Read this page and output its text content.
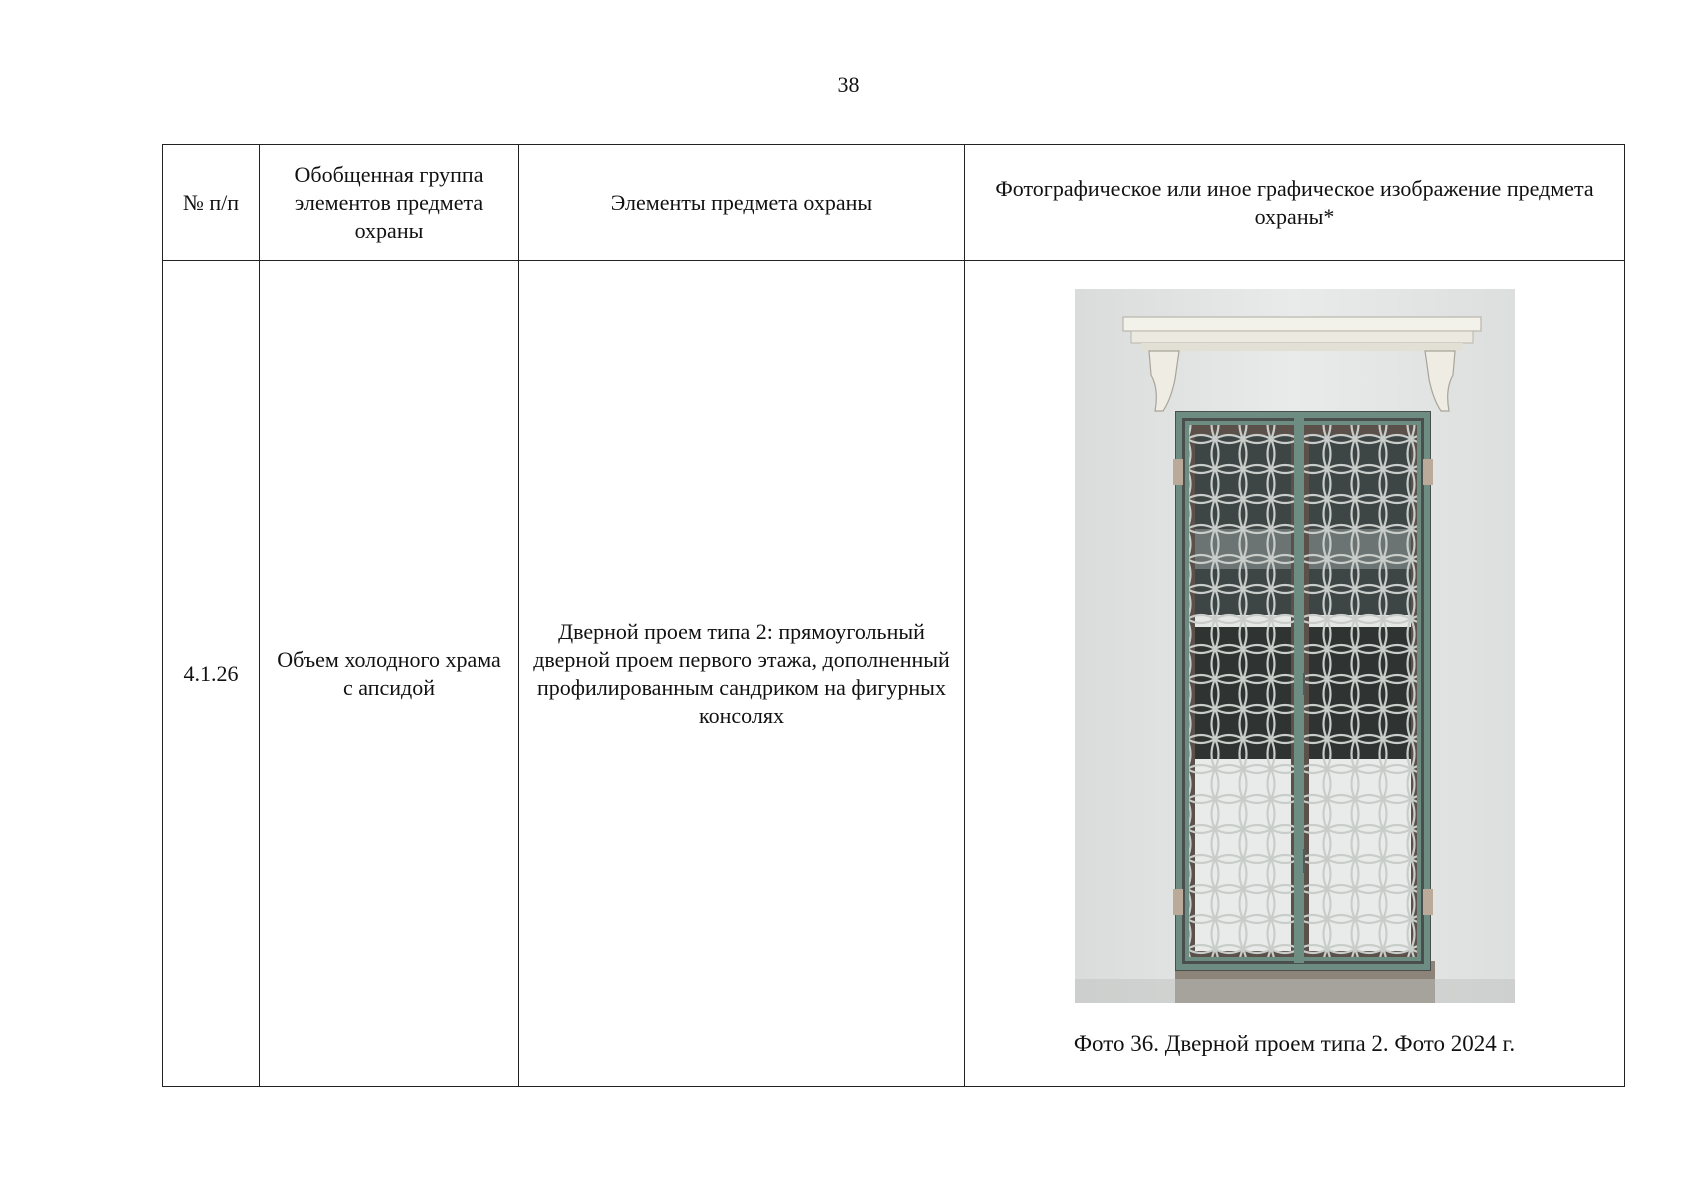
38
№ п/п	Обобщенная группа элементов предмета охраны	Элементы предмета охраны	Фотографическое или иное графическое изображение предмета охраны*
4.1.26	Объем холодного храма с апсидой	Дверной проем типа 2: прямоугольный дверной проем первого этажа, дополненный профилированным сандриком на фигурных консолях	Фото 36. Дверной проем типа 2. Фото 2024 г.
